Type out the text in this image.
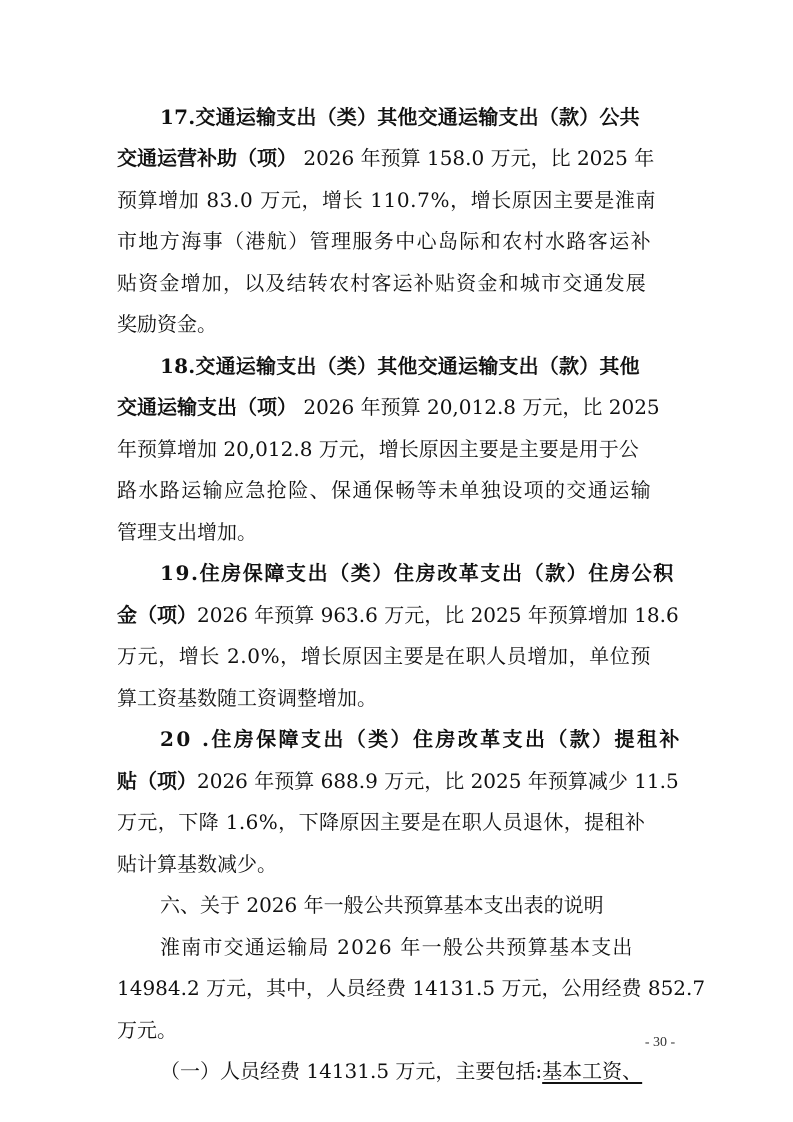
17.交通运输支出（类）其他交通运输支出（款）公共
交通运营补助（项） 2026 年预算 158.0 万元，比 2025 年
预算增加 83.0 万元，增长 110.7%，增长原因主要是淮南
市地方海事（港航）管理服务中心岛际和农村水路客运补
贴资金增加，以及结转农村客运补贴资金和城市交通发展
奖励资金。
18.交通运输支出（类）其他交通运输支出（款）其他
交通运输支出（项） 2026 年预算 20,012.8 万元，比 2025
年预算增加 20,012.8 万元，增长原因主要是主要是用于公
路水路运输应急抢险、保通保畅等未单独设项的交通运输
管理支出增加。
19.住房保障支出（类）住房改革支出（款）住房公积
金（项）2026 年预算 963.6 万元，比 2025 年预算增加 18.6
万元，增长 2.0%，增长原因主要是在职人员增加，单位预
算工资基数随工资调整增加。
20 .住房保障支出（类）住房改革支出（款）提租补
贴（项）2026 年预算 688.9 万元，比 2025 年预算减少 11.5
万元，下降 1.6%，下降原因主要是在职人员退休，提租补
贴计算基数减少。
六、关于 2026 年一般公共预算基本支出表的说明
淮南市交通运输局 2026 年一般公共预算基本支出
14984.2 万元，其中，人员经费 14131.5 万元，公用经费 852.7
万元。
（一）人员经费 14131.5 万元，主要包括:基本工资、
- 30 -
